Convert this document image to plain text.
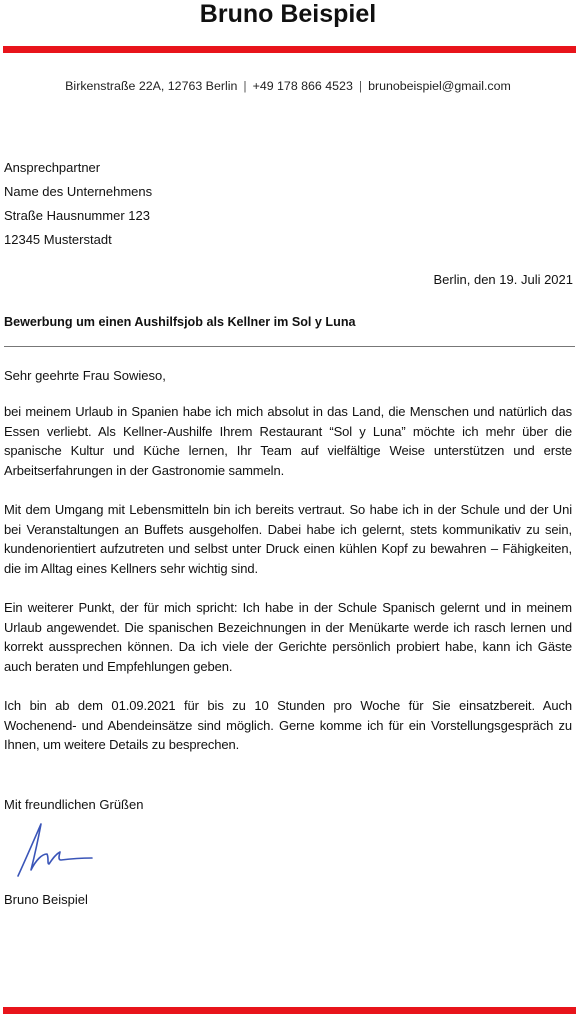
Bruno Beispiel
Birkenstraße 22A, 12763 Berlin | +49 178 866 4523 | brunobeispiel@gmail.com
Ansprechpartner
Name des Unternehmens
Straße Hausnummer 123
12345 Musterstadt
Berlin, den 19. Juli 2021
Bewerbung um einen Aushilfsjob als Kellner im Sol y Luna
Sehr geehrte Frau Sowieso,
bei meinem Urlaub in Spanien habe ich mich absolut in das Land, die Menschen und natürlich das Essen verliebt. Als Kellner-Aushilfe Ihrem Restaurant “Sol y Luna” möchte ich mehr über die spanische Kultur und Küche lernen, Ihr Team auf vielfältige Weise unterstützen und erste Arbeitserfahrungen in der Gastronomie sammeln.
Mit dem Umgang mit Lebensmitteln bin ich bereits vertraut. So habe ich in der Schule und der Uni bei Veranstaltungen an Buffets ausgeholfen. Dabei habe ich gelernt, stets kommunikativ zu sein, kundenorientiert aufzutreten und selbst unter Druck einen kühlen Kopf zu bewahren – Fähigkeiten, die im Alltag eines Kellners sehr wichtig sind.
Ein weiterer Punkt, der für mich spricht: Ich habe in der Schule Spanisch gelernt und in meinem Urlaub angewendet. Die spanischen Bezeichnungen in der Menükarte werde ich rasch lernen und korrekt aussprechen können. Da ich viele der Gerichte persönlich probiert habe, kann ich Gäste auch beraten und Empfehlungen geben.
Ich bin ab dem 01.09.2021 für bis zu 10 Stunden pro Woche für Sie einsatzbereit. Auch Wochenend- und Abendeinsätze sind möglich. Gerne komme ich für ein Vorstellungsgespräch zu Ihnen, um weitere Details zu besprechen.
Mit freundlichen Grüßen
Bruno Beispiel
